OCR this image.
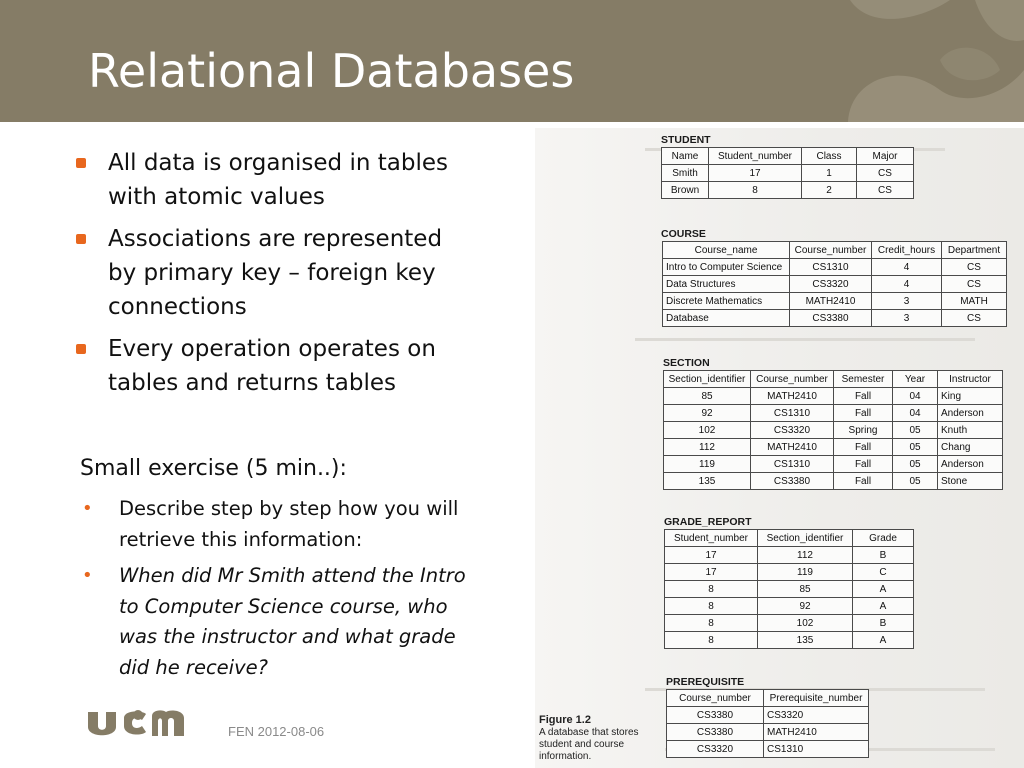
Relational Databases
All data is organised in tables with atomic values
Associations are represented by primary key – foreign key connections
Every operation operates on tables and returns tables
Small exercise (5 min..):
• Describe step by step how you will retrieve this information:
• When did Mr Smith attend the Intro to Computer Science course, who was the instructor and what grade did he receive?
FEN 2012-08-06
STUDENT
Name	Student_number	Class	Major
Smith	17	1	CS
Brown	8	2	CS
COURSE
Course_name	Course_number	Credit_hours	Department
Intro to Computer Science	CS1310	4	CS
Data Structures	CS3320	4	CS
Discrete Mathematics	MATH2410	3	MATH
Database	CS3380	3	CS
SECTION
Section_identifier	Course_number	Semester	Year	Instructor
85	MATH2410	Fall	04	King
92	CS1310	Fall	04	Anderson
102	CS3320	Spring	05	Knuth
112	MATH2410	Fall	05	Chang
119	CS1310	Fall	05	Anderson
135	CS3380	Fall	05	Stone
GRADE_REPORT
Student_number	Section_identifier	Grade
17	112	B
17	119	C
8	85	A
8	92	A
8	102	B
8	135	A
PREREQUISITE
Course_number	Prerequisite_number
CS3380	CS3320
CS3380	MATH2410
CS3320	CS1310
Figure 1.2
A database that stores student and course information.
